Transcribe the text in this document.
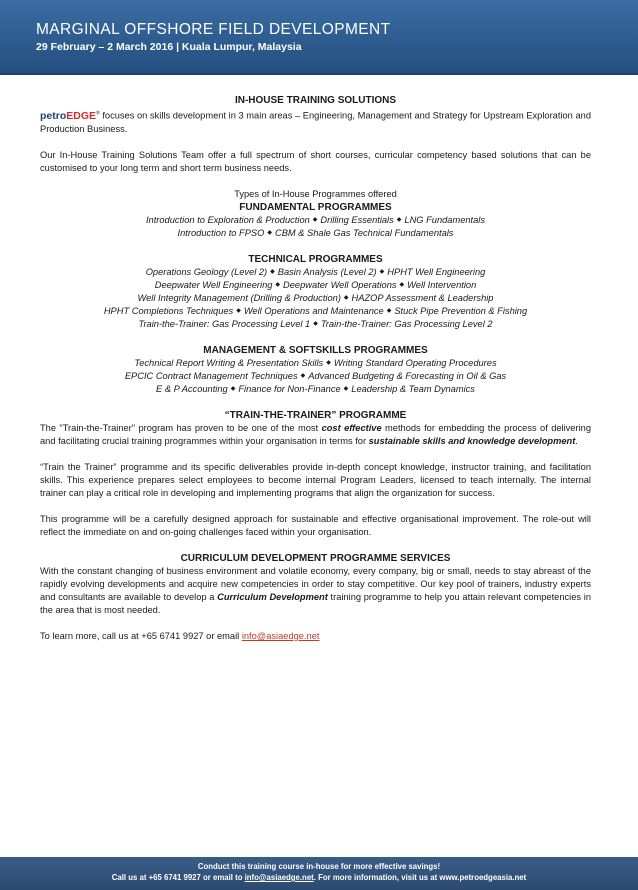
MARGINAL OFFSHORE FIELD DEVELOPMENT
29 February – 2 March 2016 | Kuala Lumpur, Malaysia

IN-HOUSE TRAINING SOLUTIONS

petroEDGE® focuses on skills development in 3 main areas – Engineering, Management and Strategy for Upstream Exploration and Production Business.

Our In-House Training Solutions Team offer a full spectrum of short courses, curricular competency based solutions that can be customised to your long term and short term business needs.

Types of In-House Programmes offered

FUNDAMENTAL PROGRAMMES

Introduction to Exploration & Production ◆ Drilling Essentials ◆ LNG Fundamentals

Introduction to FPSO ◆ CBM & Shale Gas Technical Fundamentals

TECHNICAL PROGRAMMES

Operations Geology (Level 2) ◆ Basin Analysis (Level 2) ◆ HPHT Well Engineering

Deepwater Well Engineering ◆ Deepwater Well Operations ◆ Well Intervention

Well Integrity Management (Drilling & Production) ◆ HAZOP Assessment & Leadership

HPHT Completions Techniques ◆ Well Operations and Maintenance ◆ Stuck Pipe Prevention & Fishing

Train-the-Trainer: Gas Processing Level 1 ◆ Train-the-Trainer: Gas Processing Level 2

MANAGEMENT & SOFTSKILLS PROGRAMMES

Technical Report Writing & Presentation Skills ◆ Writing Standard Operating Procedures

EPCIC Contract Management Techniques ◆ Advanced Budgeting & Forecasting in Oil & Gas

E & P Accounting ◆ Finance for Non-Finance ◆ Leadership & Team Dynamics

“TRAIN-THE-TRAINER” PROGRAMME

The "Train-the-Trainer" program has proven to be one of the most cost effective methods for embedding the process of delivering and facilitating crucial training programmes within your organisation in terms for sustainable skills and knowledge development.

“Train the Trainer” programme and its specific deliverables provide in-depth concept knowledge, instructor training, and facilitation skills. This experience prepares select employees to become internal Program Leaders, licensed to teach internally. The internal trainer can play a critical role in developing and implementing programs that align the organization for success.

This programme will be a carefully designed approach for sustainable and effective organisational improvement. The role-out will reflect the immediate on and on-going challenges faced within your organisation.

CURRICULUM DEVELOPMENT PROGRAMME SERVICES

With the constant changing of business environment and volatile economy, every company, big or small, needs to stay abreast of the rapidly evolving developments and acquire new competencies in order to stay competitive. Our key pool of trainers, industry experts and consultants are available to develop a Curriculum Development training programme to help you attain relevant competencies in the area that is most needed.

To learn more, call us at +65 6741 9927 or email info@asiaedge.net

Conduct this training course in-house for more effective savings!
Call us at +65 6741 9927 or email to info@asiaedge.net. For more information, visit us at www.petroedgeasia.net
